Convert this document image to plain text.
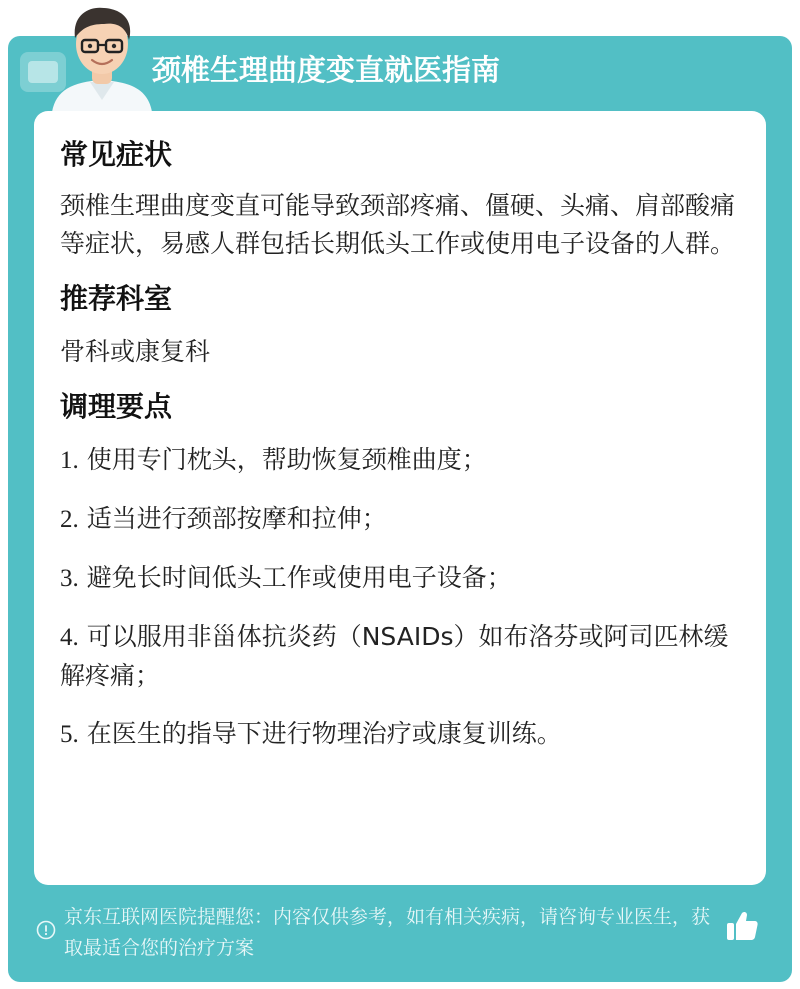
颈椎生理曲度变直就医指南

常见症状

颈椎生理曲度变直可能导致颈部疼痛、僵硬、头痛、肩部酸痛等症状，易感人群包括长期低头工作或使用电子设备的人群。

推荐科室

骨科或康复科

调理要点

1. 使用专门枕头，帮助恢复颈椎曲度；

2. 适当进行颈部按摩和拉伸；

3. 避免长时间低头工作或使用电子设备；

4. 可以服用非甾体抗炎药（NSAIDs）如布洛芬或阿司匹林缓解疼痛；

5. 在医生的指导下进行物理治疗或康复训练。

京东互联网医院提醒您：内容仅供参考，如有相关疾病，请咨询专业医生，获取最适合您的治疗方案
